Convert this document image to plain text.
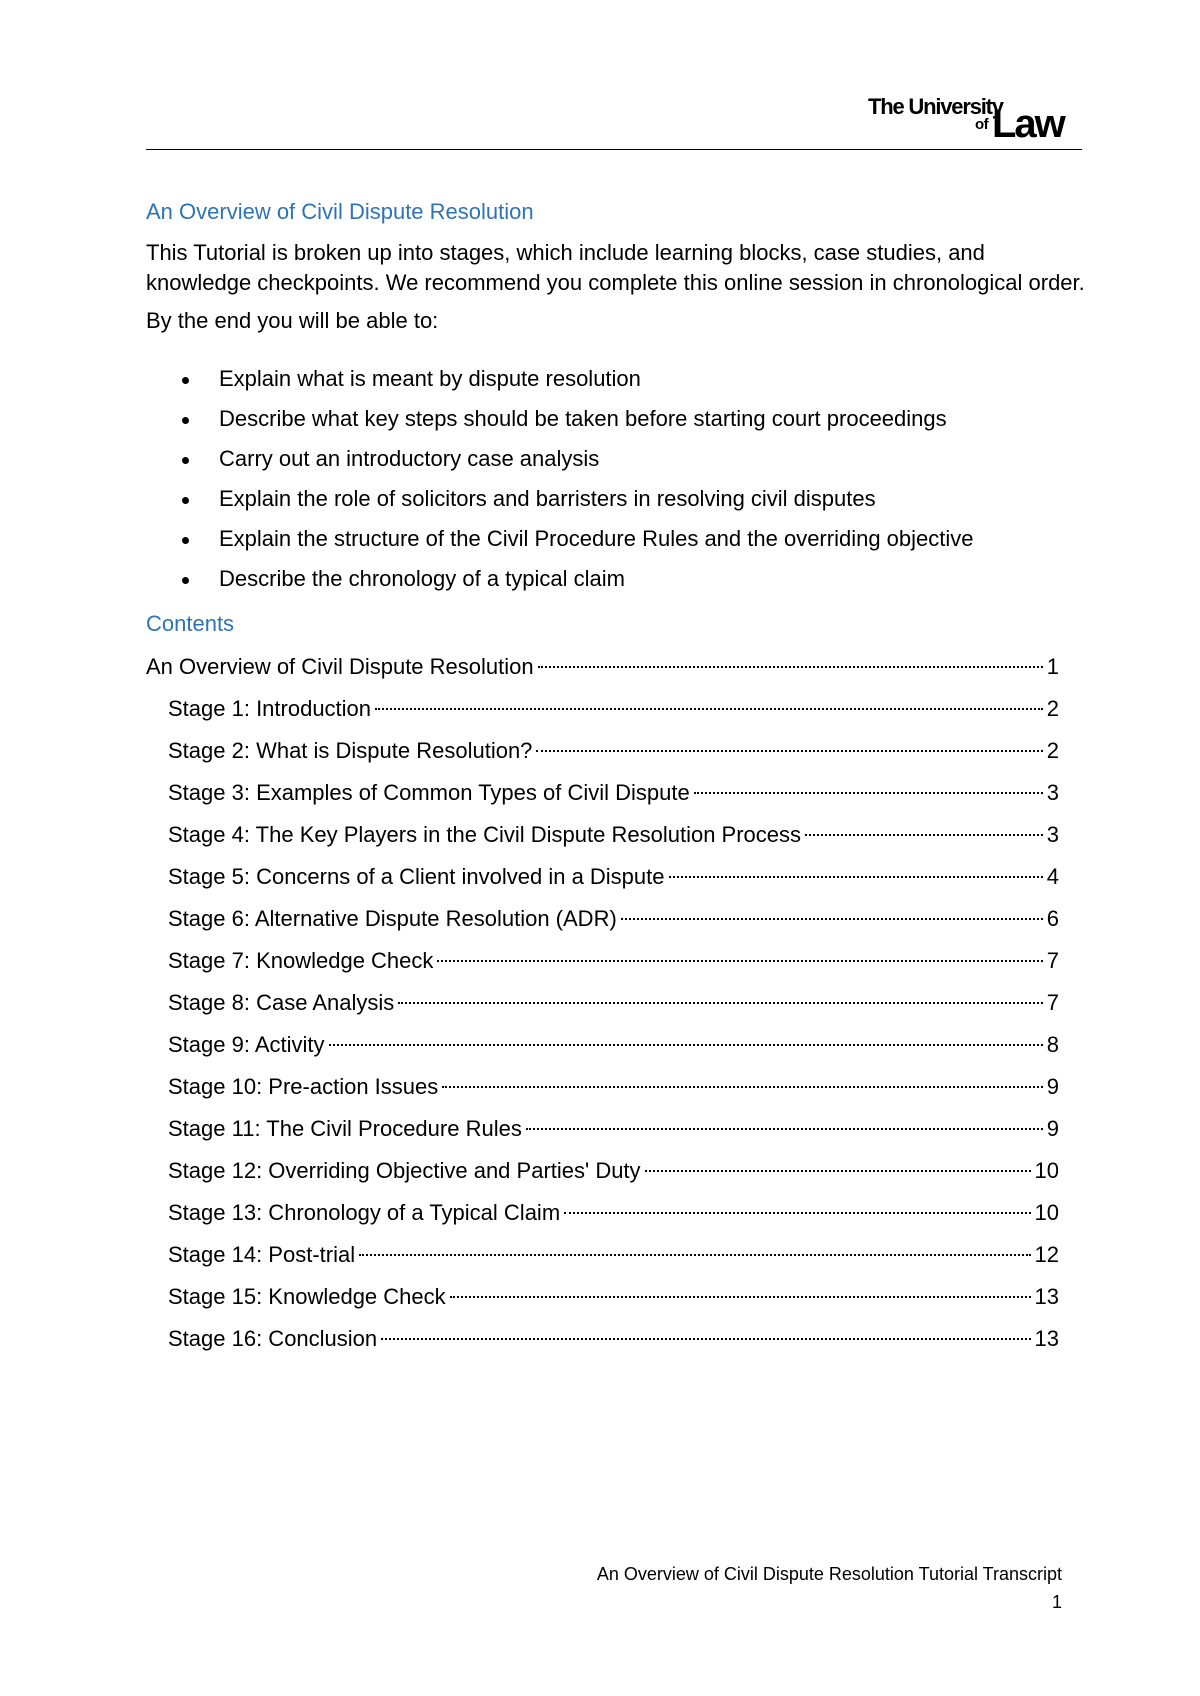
The University
of Law
An Overview of Civil Dispute Resolution

This Tutorial is broken up into stages, which include learning blocks, case studies, and knowledge checkpoints. We recommend you complete this online session in chronological order.

By the end you will be able to:

Explain what is meant by dispute resolution
Describe what key steps should be taken before starting court proceedings
Carry out an introductory case analysis
Explain the role of solicitors and barristers in resolving civil disputes
Explain the structure of the Civil Procedure Rules and the overriding objective
Describe the chronology of a typical claim
Contents
An Overview of Civil Dispute Resolution	1
Stage 1: Introduction	2
Stage 2: What is Dispute Resolution?	2
Stage 3: Examples of Common Types of Civil Dispute	3
Stage 4: The Key Players in the Civil Dispute Resolution Process	3
Stage 5: Concerns of a Client involved in a Dispute	4
Stage 6: Alternative Dispute Resolution (ADR)	6
Stage 7: Knowledge Check	7
Stage 8: Case Analysis	7
Stage 9: Activity	8
Stage 10: Pre-action Issues	9
Stage 11: The Civil Procedure Rules	9
Stage 12: Overriding Objective and Parties' Duty	10
Stage 13: Chronology of a Typical Claim	10
Stage 14: Post-trial	12
Stage 15: Knowledge Check	13
Stage 16: Conclusion	13
An Overview of Civil Dispute Resolution Tutorial Transcript
1
